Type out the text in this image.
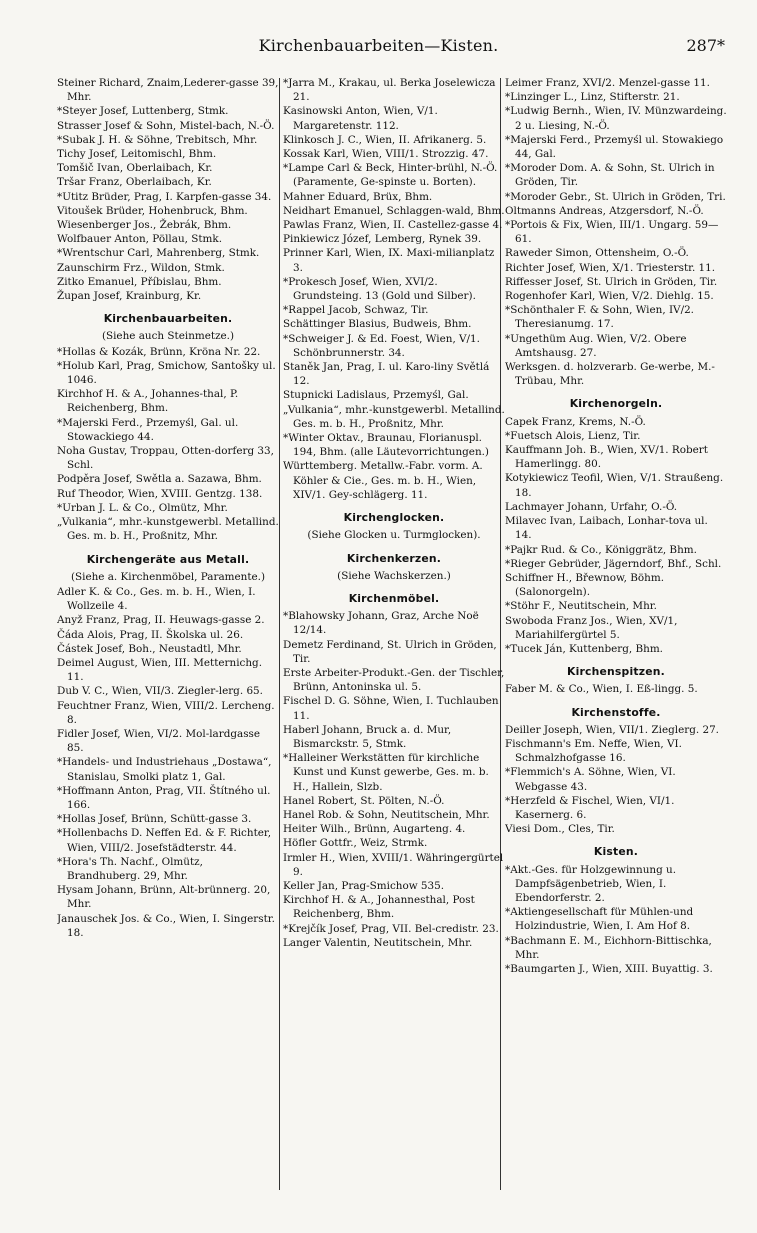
Kirchenbauarbeiten—Kisten.	287*

Steiner Richard, Znaim,Lederer-gasse 39, Mhr.

*Steyer Josef, Luttenberg, Stmk.

Strasser Josef & Sohn, Mistel-bach, N.-Ö.

*Subak J. H. & Söhne, Trebitsch, Mhr.

Tichy Josef, Leitomischl, Bhm.

Tomšič Ivan, Oberlaibach, Kr.

Tršar Franz, Oberlaibach, Kr.

*Utitz Brüder, Prag, I. Karpfen-gasse 34.

Vitoušek Brüder, Hohenbruck, Bhm.

Wiesenberger Jos., Žebrák, Bhm.

Wolfbauer Anton, Pöllau, Stmk.

*Wrentschur Carl, Mahrenberg, Stmk.

Zaunschirm Frz., Wildon, Stmk.

Zitko Emanuel, Příbislau, Bhm.

Župan Josef, Krainburg, Kr.

Kirchenbauarbeiten.

(Siehe auch Steinmetze.)

*Hollas & Kozák, Brünn, Kröna Nr. 22.

*Holub Karl, Prag, Smichow, Santošky ul. 1046.

Kirchhof H. & A., Johannes-thal, P. Reichenberg, Bhm.

*Majerski Ferd., Przemyśl, Gal. ul. Stowackiego 44.

Noha Gustav, Troppau, Otten-dorferg 33, Schl.

Podpěra Josef, Swětla a. Sazawa, Bhm.

Ruf Theodor, Wien, XVIII. Gentzg. 138.

*Urban J. L. & Co., Olmütz, Mhr.

„Vulkania“, mhr.-kunstgewerbl. Metallind. Ges. m. b. H., Proßnitz, Mhr.

Kirchengeräte aus Metall.

(Siehe a. Kirchenmöbel, Paramente.)

Adler K. & Co., Ges. m. b. H., Wien, I. Wollzeile 4.

Anyž Franz, Prag, II. Heuwags-gasse 2.

Čáda Alois, Prag, II. Školska ul. 26.

Částek Josef, Boh., Neustadtl, Mhr.

Deimel August, Wien, III. Metternichg. 11.

Dub V. C., Wien, VII/3. Ziegler-lerg. 65.

Feuchtner Franz, Wien, VIII/2. Lercheng. 8.

Fidler Josef, Wien, VI/2. Mol-lardgasse 85.

*Handels- und Industriehaus „Dostawa“, Stanislau, Smolki platz 1, Gal.

*Hoffmann Anton, Prag, VII. Štítného ul. 166.

*Hollas Josef, Brünn, Schütt-gasse 3.

*Hollenbachs D. Neffen Ed. & F. Richter, Wien, VIII/2. Josefstädterstr. 44.

*Hora's Th. Nachf., Olmütz, Brandhuberg. 29, Mhr.

Hysam Johann, Brünn, Alt-brünnerg. 20, Mhr.

Janauschek Jos. & Co., Wien, I. Singerstr. 18.

*Jarra M., Krakau, ul. Berka Joselewicza 21.

Kasinowski Anton, Wien, V/1. Margaretenstr. 112.

Klinkosch J. C., Wien, II. Afrikanerg. 5.

Kossak Karl, Wien, VIII/1. Strozzig. 47.

*Lampe Carl & Beck, Hinter-brühl, N.-Ö. (Paramente, Ge-spinste u. Borten).

Mahner Eduard, Brüx, Bhm.

Neidhart Emanuel, Schlaggen-wald, Bhm.

Pawlas Franz, Wien, II. Castellez-gasse 4.

Pinkiewicz Józef, Lemberg, Rynek 39.

Prinner Karl, Wien, IX. Maxi-milianplatz 3.

*Prokesch Josef, Wien, XVI/2. Grundsteing. 13 (Gold und Silber).

*Rappel Jacob, Schwaz, Tir.

Schättinger Blasius, Budweis, Bhm.

*Schweiger J. & Ed. Foest, Wien, V/1. Schönbrunnerstr. 34.

Staněk Jan, Prag, I. ul. Karo-liny Světlá 12.

Stupnicki Ladislaus, Przemyśl, Gal.

„Vulkania“, mhr.-kunstgewerbl. Metallind. Ges. m. b. H., Proßnitz, Mhr.

*Winter Oktav., Braunau, Florianuspl. 194, Bhm. (alle Läutevorrichtungen.)

Württemberg. Metallw.-Fabr. vorm. A. Köhler & Cie., Ges. m. b. H., Wien, XIV/1. Gey-schlägerg. 11.

Kirchenglocken.

(Siehe Glocken u. Turmglocken).

Kirchenkerzen.

(Siehe Wachskerzen.)

Kirchenmöbel.

*Blahowsky Johann, Graz, Arche Noë 12/14.

Demetz Ferdinand, St. Ulrich in Gröden, Tir.

Erste Arbeiter-Produkt.-Gen. der Tischler, Brünn, Antoninska ul. 5.

Fischel D. G. Söhne, Wien, I. Tuchlauben 11.

Haberl Johann, Bruck a. d. Mur, Bismarckstr. 5, Stmk.

*Halleiner Werkstätten für kirchliche Kunst und Kunst gewerbe, Ges. m. b. H., Hallein, Slzb.

Hanel Robert, St. Pölten, N.-Ö.

Hanel Rob. & Sohn, Neutitschein, Mhr.

Heiter Wilh., Brünn, Augarteng. 4.

Höfler Gottfr., Weiz, Strmk.

Irmler H., Wien, XVIII/1. Währingergürtel 9.

Keller Jan, Prag-Smichow 535.

Kirchhof H. & A., Johannesthal, Post Reichenberg, Bhm.

*Krejčík Josef, Prag, VII. Bel-credistr. 23.

Langer Valentin, Neutitschein, Mhr.

Leimer Franz, XVI/2. Menzel-gasse 11.

*Linzinger L., Linz, Stifterstr. 21.

*Ludwig Bernh., Wien, IV. Münzwardeing. 2 u. Liesing, N.-Ö.

*Majerski Ferd., Przemyśl ul. Stowakiego 44, Gal.

*Moroder Dom. A. & Sohn, St. Ulrich in Gröden, Tir.

*Moroder Gebr., St. Ulrich in Gröden, Tri.

Oltmanns Andreas, Atzgersdorf, N.-Ö.

*Portois & Fix, Wien, III/1. Ungarg. 59—61.

Raweder Simon, Ottensheim, O.-Ö.

Richter Josef, Wien, X/1. Triesterstr. 11.

Riffesser Josef, St. Ulrich in Gröden, Tir.

Rogenhofer Karl, Wien, V/2. Diehlg. 15.

*Schönthaler F. & Sohn, Wien, IV/2. Theresianumg. 17.

*Ungethüm Aug. Wien, V/2. Obere Amtshausg. 27.

Werksgen. d. holzverarb. Ge-werbe, M.-Trübau, Mhr.

Kirchenorgeln.

Capek Franz, Krems, N.-Ö.

*Fuetsch Alois, Lienz, Tir.

Kauffmann Joh. B., Wien, XV/1. Robert Hamerlingg. 80.

Kotykiewicz Teofil, Wien, V/1. Straußeng. 18.

Lachmayer Johann, Urfahr, O.-Ö.

Milavec Ivan, Laibach, Lonhar-tova ul. 14.

*Pajkr Rud. & Co., Königgrätz, Bhm.

*Rieger Gebrüder, Jägerndorf, Bhf., Schl.

Schiffner H., Břewnow, Böhm. (Salonorgeln).

*Stöhr F., Neutitschein, Mhr.

Swoboda Franz Jos., Wien, XV/1, Mariahilfergürtel 5.

*Tucek Ján, Kuttenberg, Bhm.

Kirchenspitzen.

Faber M. & Co., Wien, I. Eß-lingg. 5.

Kirchenstoffe.

Deiller Joseph, Wien, VII/1. Zieglerg. 27.

Fischmann's Em. Neffe, Wien, VI. Schmalzhofgasse 16.

*Flemmich's A. Söhne, Wien, VI. Webgasse 43.

*Herzfeld & Fischel, Wien, VI/1. Kasernerg. 6.

Viesi Dom., Cles, Tir.

Kisten.

*Akt.-Ges. für Holzgewinnung u. Dampfsägenbetrieb, Wien, I. Ebendorferstr. 2.

*Aktiengesellschaft für Mühlen-und Holzindustrie, Wien, I. Am Hof 8.

*Bachmann E. M., Eichhorn-Bittischka, Mhr.

*Baumgarten J., Wien, XIII. Buyattig. 3.
